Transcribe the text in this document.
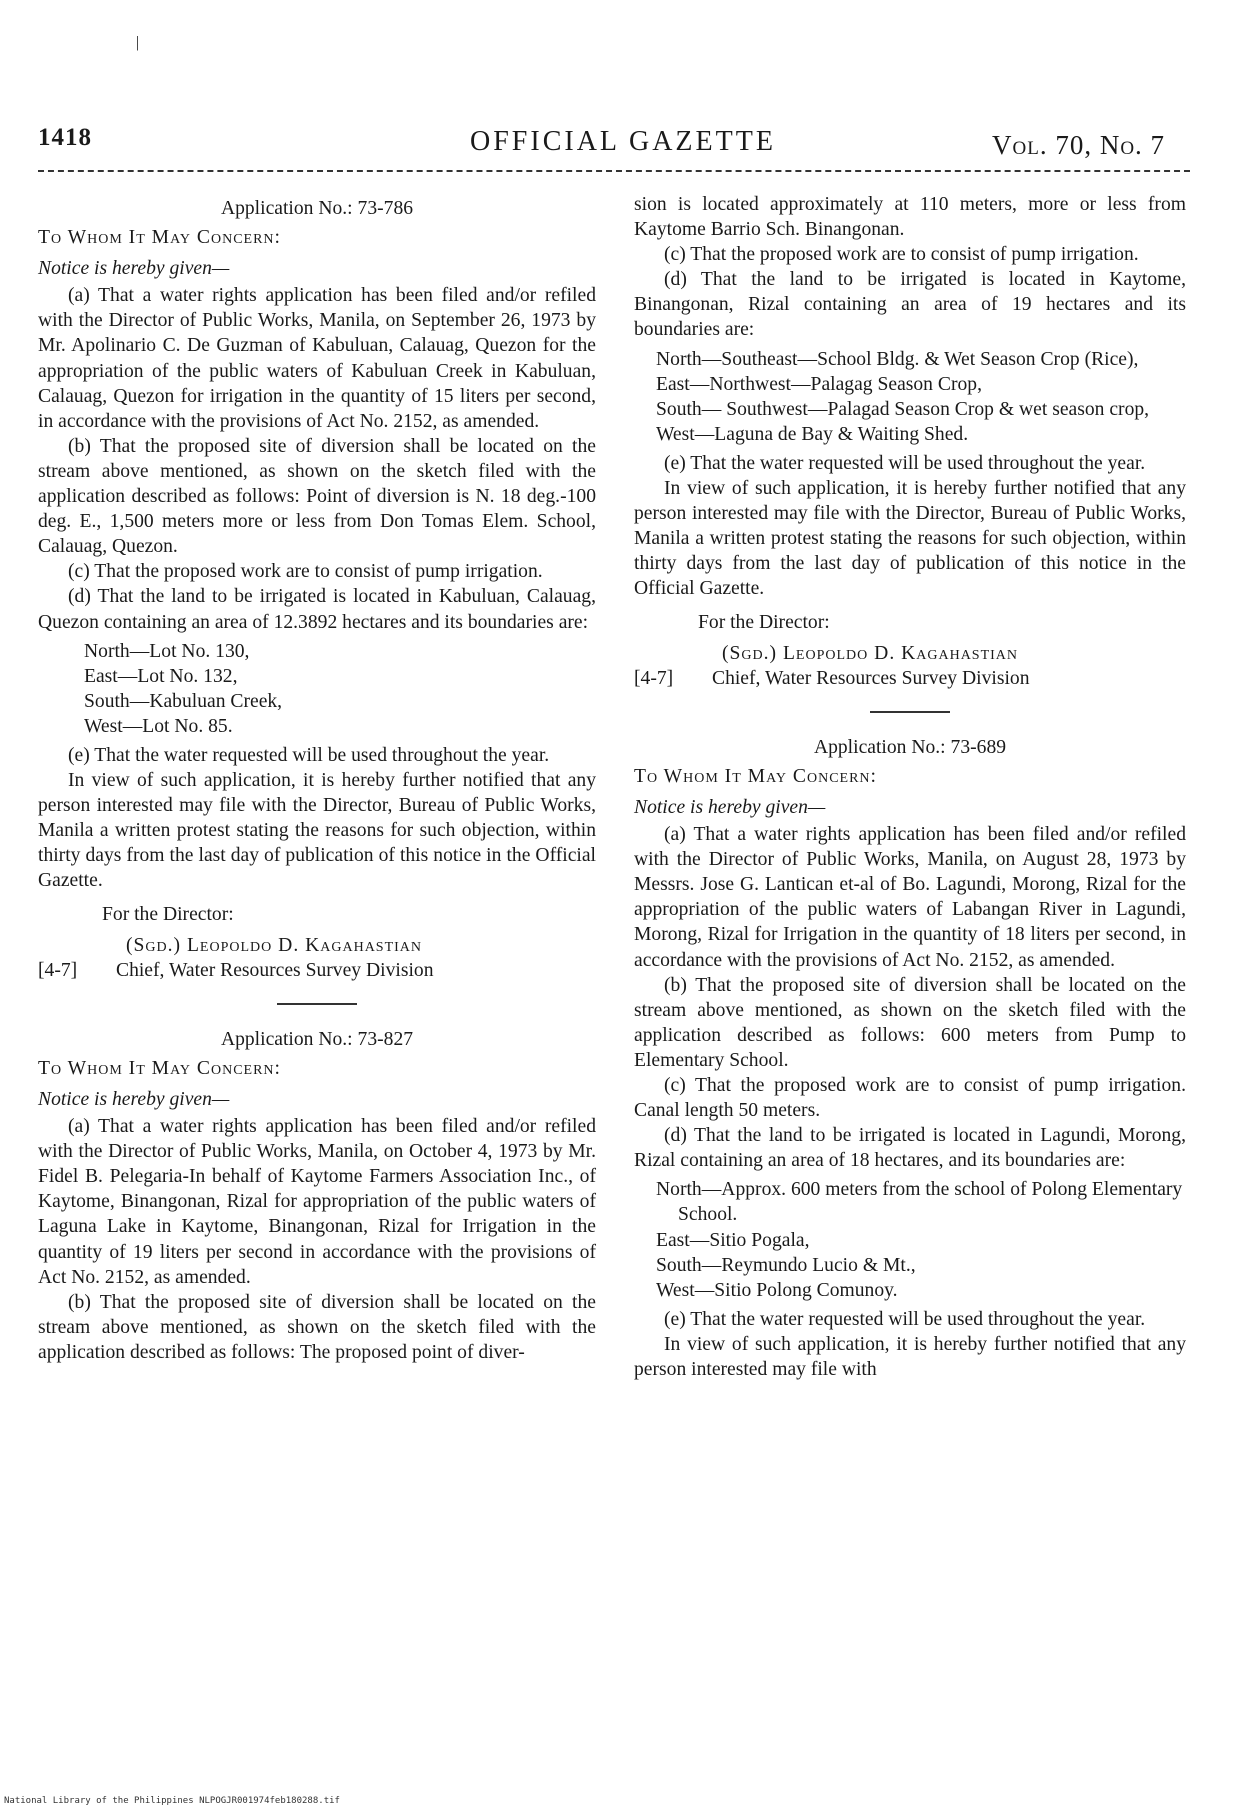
|
1418	OFFICIAL GAZETTE	Vol. 70, No. 7

Application No.: 73-786

To Whom It May Concern:

Notice is hereby given—

(a) That a water rights application has been filed and/or refiled with the Director of Public Works, Manila, on September 26, 1973 by Mr. Apolinario C. De Guzman of Kabuluan, Calauag, Quezon for the appropriation of the public waters of Kabuluan Creek in Kabuluan, Calauag, Quezon for irrigation in the quantity of 15 liters per second, in accordance with the provisions of Act No. 2152, as amended.

(b) That the proposed site of diversion shall be located on the stream above mentioned, as shown on the sketch filed with the application described as follows: Point of diversion is N. 18 deg.-100 deg. E., 1,500 meters more or less from Don Tomas Elem. School, Calauag, Quezon.

(c) That the proposed work are to consist of pump irrigation.

(d) That the land to be irrigated is located in Kabuluan, Calauag, Quezon containing an area of 12.3892 hectares and its boundaries are:

North—Lot No. 130,
East—Lot No. 132,
South—Kabuluan Creek,
West—Lot No. 85.

(e) That the water requested will be used throughout the year.

In view of such application, it is hereby further notified that any person interested may file with the Director, Bureau of Public Works, Manila a written protest stating the reasons for such objection, within thirty days from the last day of publication of this notice in the Official Gazette.

For the Director:

[4-7]
(Sgd.) Leopoldo D. Kagahastian
Chief, Water Resources Survey Division

Application No.: 73-827

To Whom It May Concern:

Notice is hereby given—

(a) That a water rights application has been filed and/or refiled with the Director of Public Works, Manila, on October 4, 1973 by Mr. Fidel B. Pelegaria-In behalf of Kaytome Farmers Association Inc., of Kaytome, Binangonan, Rizal for appropriation of the public waters of Laguna Lake in Kaytome, Binangonan, Rizal for Irrigation in the quantity of 19 liters per second in accordance with the provisions of Act No. 2152, as amended.

(b) That the proposed site of diversion shall be located on the stream above mentioned, as shown on the sketch filed with the application described as follows: The proposed point of diver-

sion is located approximately at 110 meters, more or less from Kaytome Barrio Sch. Binangonan.

(c) That the proposed work are to consist of pump irrigation.

(d) That the land to be irrigated is located in Kaytome, Binangonan, Rizal containing an area of 19 hectares and its boundaries are:

North—Southeast—School Bldg. & Wet Season Crop (Rice),
East—Northwest—Palagag Season Crop,
South— Southwest—Palagad Season Crop & wet season crop,
West—Laguna de Bay & Waiting Shed.

(e) That the water requested will be used throughout the year.

In view of such application, it is hereby further notified that any person interested may file with the Director, Bureau of Public Works, Manila a written protest stating the reasons for such objection, within thirty days from the last day of publication of this notice in the Official Gazette.

For the Director:

[4-7]
(Sgd.) Leopoldo D. Kagahastian
Chief, Water Resources Survey Division

Application No.: 73-689

To Whom It May Concern:

Notice is hereby given—

(a) That a water rights application has been filed and/or refiled with the Director of Public Works, Manila, on August 28, 1973 by Messrs. Jose G. Lantican et-al of Bo. Lagundi, Morong, Rizal for the appropriation of the public waters of Labangan River in Lagundi, Morong, Rizal for Irrigation in the quantity of 18 liters per second, in accordance with the provisions of Act No. 2152, as amended.

(b) That the proposed site of diversion shall be located on the stream above mentioned, as shown on the sketch filed with the application described as follows: 600 meters from Pump to Elementary School.

(c) That the proposed work are to consist of pump irrigation. Canal length 50 meters.

(d) That the land to be irrigated is located in Lagundi, Morong, Rizal containing an area of 18 hectares, and its boundaries are:

North—Approx. 600 meters from the school of Polong Elementary School.
East—Sitio Pogala,
South—Reymundo Lucio & Mt.,
West—Sitio Polong Comunoy.

(e) That the water requested will be used throughout the year.

In view of such application, it is hereby further notified that any person interested may file with

National Library of the Philippines NLPOGJR001974feb180288.tif
